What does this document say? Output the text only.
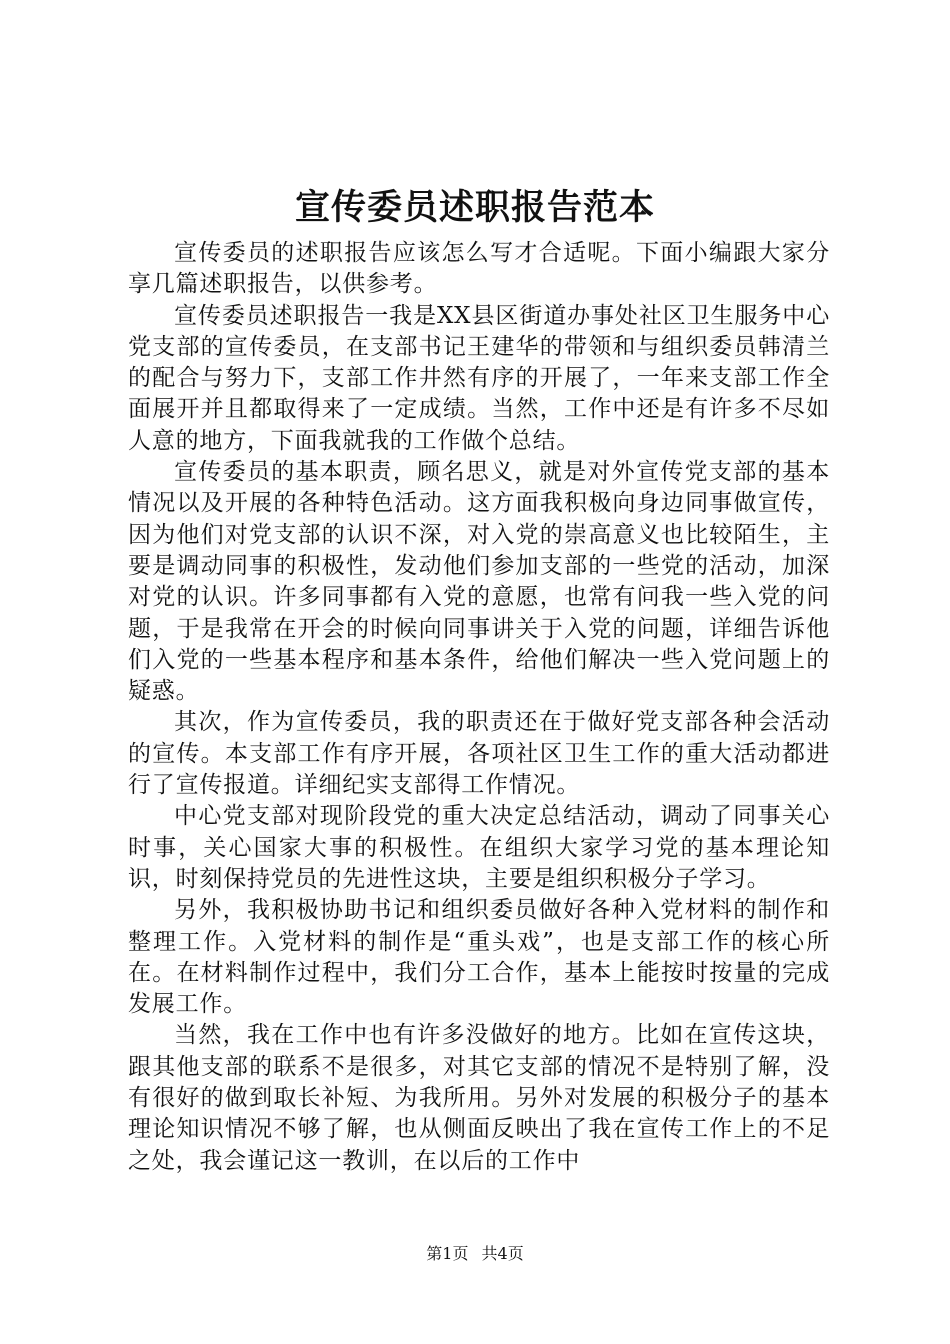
宣传委员述职报告范本

宣传委员的述职报告应该怎么写才合适呢。下面小编跟大家分享几篇述职报告，以供参考。

宣传委员述职报告一我是XX县区街道办事处社区卫生服务中心党支部的宣传委员，在支部书记王建华的带领和与组织委员韩清兰的配合与努力下，支部工作井然有序的开展了，一年来支部工作全面展开并且都取得来了一定成绩。当然，工作中还是有许多不尽如人意的地方，下面我就我的工作做个总结。

宣传委员的基本职责，顾名思义，就是对外宣传党支部的基本情况以及开展的各种特色活动。这方面我积极向身边同事做宣传，因为他们对党支部的认识不深，对入党的崇高意义也比较陌生，主要是调动同事的积极性，发动他们参加支部的一些党的活动，加深对党的认识。许多同事都有入党的意愿，也常有问我一些入党的问题，于是我常在开会的时候向同事讲关于入党的问题，详细告诉他们入党的一些基本程序和基本条件，给他们解决一些入党问题上的疑惑。

其次，作为宣传委员，我的职责还在于做好党支部各种会活动的宣传。本支部工作有序开展，各项社区卫生工作的重大活动都进行了宣传报道。详细纪实支部得工作情况。

中心党支部对现阶段党的重大决定总结活动，调动了同事关心时事，关心国家大事的积极性。在组织大家学习党的基本理论知识，时刻保持党员的先进性这块，主要是组织积极分子学习。

另外，我积极协助书记和组织委员做好各种入党材料的制作和整理工作。入党材料的制作是“重头戏”，也是支部工作的核心所在。在材料制作过程中，我们分工合作，基本上能按时按量的完成发展工作。

当然，我在工作中也有许多没做好的地方。比如在宣传这块，跟其他支部的联系不是很多，对其它支部的情况不是特别了解，没有很好的做到取长补短、为我所用。另外对发展的积极分子的基本理论知识情况不够了解，也从侧面反映出了我在宣传工作上的不足之处，我会谨记这一教训，在以后的工作中

第1页 共4页
